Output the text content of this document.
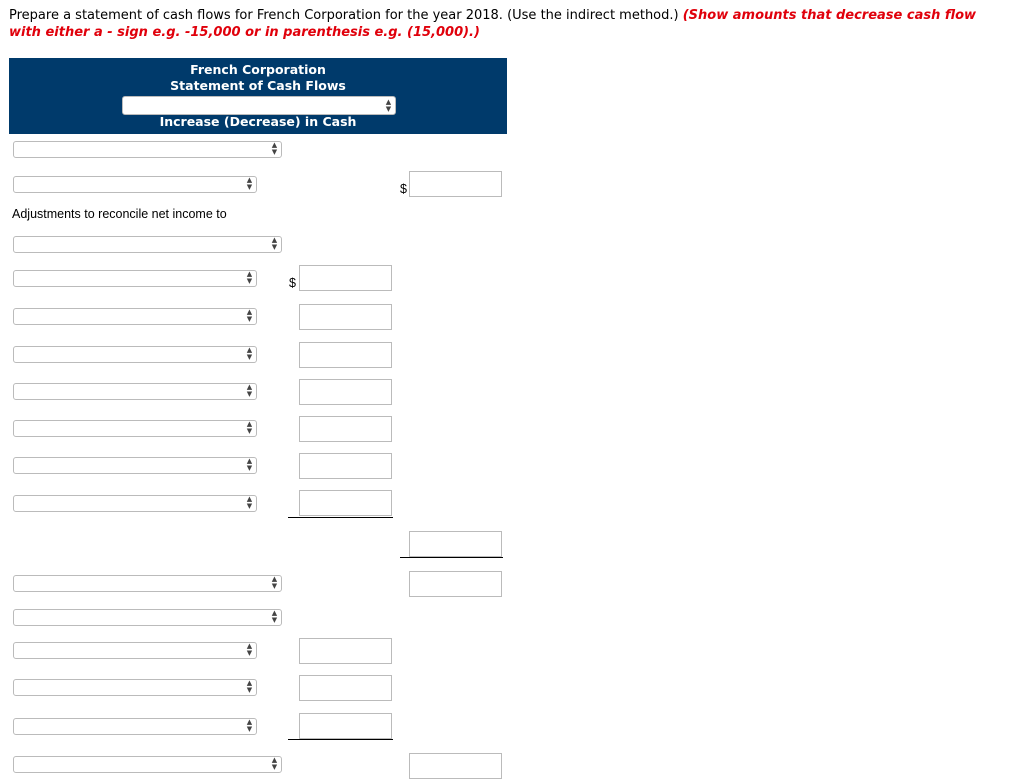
Prepare a statement of cash flows for French Corporation for the year 2018. (Use the indirect method.) (Show amounts that decrease cash flow with either a - sign e.g. -15,000 or in parenthesis e.g. (15,000).)
French Corporation
Statement of Cash Flows
▲
▼
Increase (Decrease) in Cash
▲
▼
▲
▼	$
Adjustments to reconcile net income to
▲
▼
▲
▼	$
▲
▼
▲
▼
▲
▼
▲
▼
▲
▼
▲
▼
▲
▼
▲
▼
▲
▼
▲
▼
▲
▼
▲
▼
